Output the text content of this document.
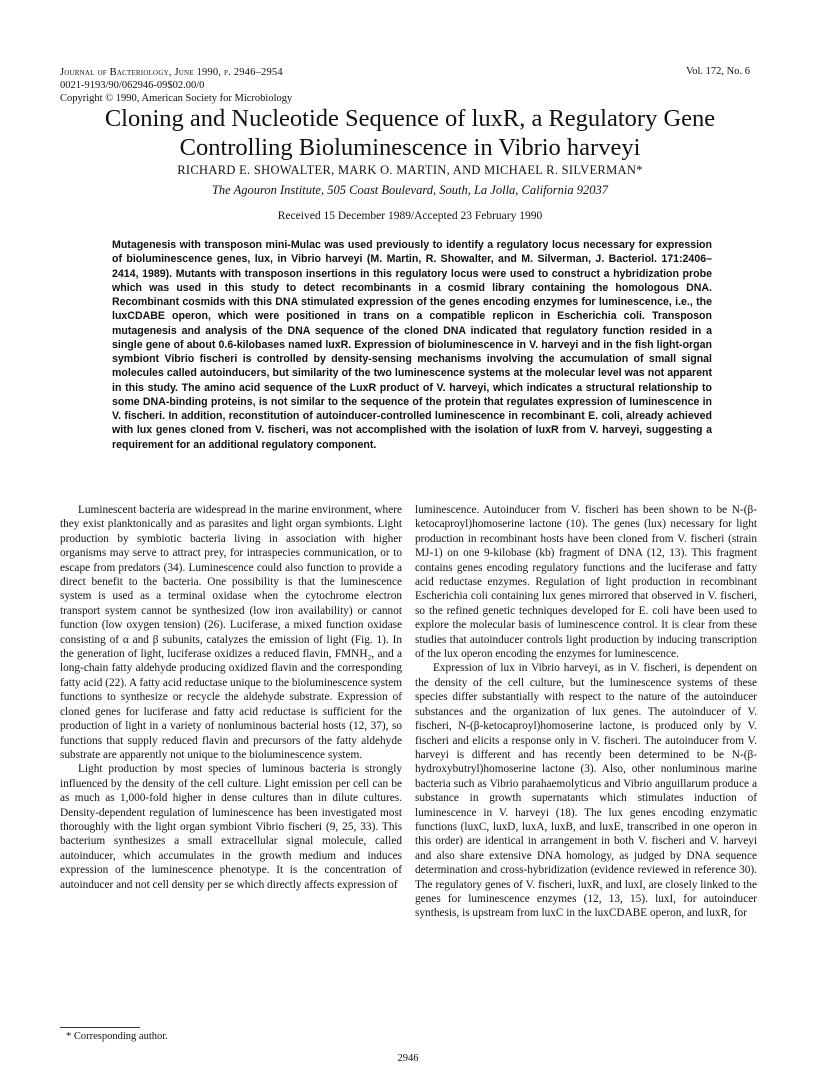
Journal of Bacteriology, June 1990, p. 2946–2954
0021-9193/90/062946-09$02.00/0
Copyright © 1990, American Society for Microbiology
Vol. 172, No. 6
Cloning and Nucleotide Sequence of luxR, a Regulatory Gene
Controlling Bioluminescence in Vibrio harveyi
RICHARD E. SHOWALTER, MARK O. MARTIN, AND MICHAEL R. SILVERMAN*
The Agouron Institute, 505 Coast Boulevard, South, La Jolla, California 92037
Received 15 December 1989/Accepted 23 February 1990
Mutagenesis with transposon mini-Mulac was used previously to identify a regulatory locus necessary for expression of bioluminescence genes, lux, in Vibrio harveyi (M. Martin, R. Showalter, and M. Silverman, J. Bacteriol. 171:2406–2414, 1989). Mutants with transposon insertions in this regulatory locus were used to construct a hybridization probe which was used in this study to detect recombinants in a cosmid library containing the homologous DNA. Recombinant cosmids with this DNA stimulated expression of the genes encoding enzymes for luminescence, i.e., the luxCDABE operon, which were positioned in trans on a compatible replicon in Escherichia coli. Transposon mutagenesis and analysis of the DNA sequence of the cloned DNA indicated that regulatory function resided in a single gene of about 0.6-kilobases named luxR. Expression of bioluminescence in V. harveyi and in the fish light-organ symbiont Vibrio fischeri is controlled by density-sensing mechanisms involving the accumulation of small signal molecules called autoinducers, but similarity of the two luminescence systems at the molecular level was not apparent in this study. The amino acid sequence of the LuxR product of V. harveyi, which indicates a structural relationship to some DNA-binding proteins, is not similar to the sequence of the protein that regulates expression of luminescence in V. fischeri. In addition, reconstitution of autoinducer-controlled luminescence in recombinant E. coli, already achieved with lux genes cloned from V. fischeri, was not accomplished with the isolation of luxR from V. harveyi, suggesting a requirement for an additional regulatory component.

Luminescent bacteria are widespread in the marine environment, where they exist planktonically and as parasites and light organ symbionts. Light production by symbiotic bacteria living in association with higher organisms may serve to attract prey, for intraspecies communication, or to escape from predators (34). Luminescence could also function to provide a direct benefit to the bacteria. One possibility is that the luminescence system is used as a terminal oxidase when the cytochrome electron transport system cannot be synthesized (low iron availability) or cannot function (low oxygen tension) (26). Luciferase, a mixed function oxidase consisting of α and β subunits, catalyzes the emission of light (Fig. 1). In the generation of light, luciferase oxidizes a reduced flavin, FMNH₂, and a long-chain fatty aldehyde producing oxidized flavin and the corresponding fatty acid (22). A fatty acid reductase unique to the bioluminescence system functions to synthesize or recycle the aldehyde substrate. Expression of cloned genes for luciferase and fatty acid reductase is sufficient for the production of light in a variety of nonluminous bacterial hosts (12, 37), so functions that supply reduced flavin and precursors of the fatty aldehyde substrate are apparently not unique to the bioluminescence system.

Light production by most species of luminous bacteria is strongly influenced by the density of the cell culture. Light emission per cell can be as much as 1,000-fold higher in dense cultures than in dilute cultures. Density-dependent regulation of luminescence has been investigated most thoroughly with the light organ symbiont Vibrio fischeri (9, 25, 33). This bacterium synthesizes a small extracellular signal molecule, called autoinducer, which accumulates in the growth medium and induces expression of the luminescence phenotype. It is the concentration of autoinducer and not cell density per se which directly affects expression of

luminescence. Autoinducer from V. fischeri has been shown to be N-(β-ketocaproyl)homoserine lactone (10). The genes (lux) necessary for light production in recombinant hosts have been cloned from V. fischeri (strain MJ-1) on one 9-kilobase (kb) fragment of DNA (12, 13). This fragment contains genes encoding regulatory functions and the luciferase and fatty acid reductase enzymes. Regulation of light production in recombinant Escherichia coli containing lux genes mirrored that observed in V. fischeri, so the refined genetic techniques developed for E. coli have been used to explore the molecular basis of luminescence control. It is clear from these studies that autoinducer controls light production by inducing transcription of the lux operon encoding the enzymes for luminescence.

Expression of lux in Vibrio harveyi, as in V. fischeri, is dependent on the density of the cell culture, but the luminescence systems of these species differ substantially with respect to the nature of the autoinducer substances and the organization of lux genes. The autoinducer of V. fischeri, N-(β-ketocaproyl)homoserine lactone, is produced only by V. fischeri and elicits a response only in V. fischeri. The autoinducer from V. harveyi is different and has recently been determined to be N-(β-hydroxybutryl)homoserine lactone (3). Also, other nonluminous marine bacteria such as Vibrio parahaemolyticus and Vibrio anguillarum produce a substance in growth supernatants which stimulates induction of luminescence in V. harveyi (18). The lux genes encoding enzymatic functions (luxC, luxD, luxA, luxB, and luxE, transcribed in one operon in this order) are identical in arrangement in both V. fischeri and V. harveyi and also share extensive DNA homology, as judged by DNA sequence determination and cross-hybridization (evidence reviewed in reference 30). The regulatory genes of V. fischeri, luxR, and luxI, are closely linked to the genes for luminescence enzymes (12, 13, 15). luxI, for autoinducer synthesis, is upstream from luxC in the luxCDABE operon, and luxR, for

* Corresponding author.
2946
